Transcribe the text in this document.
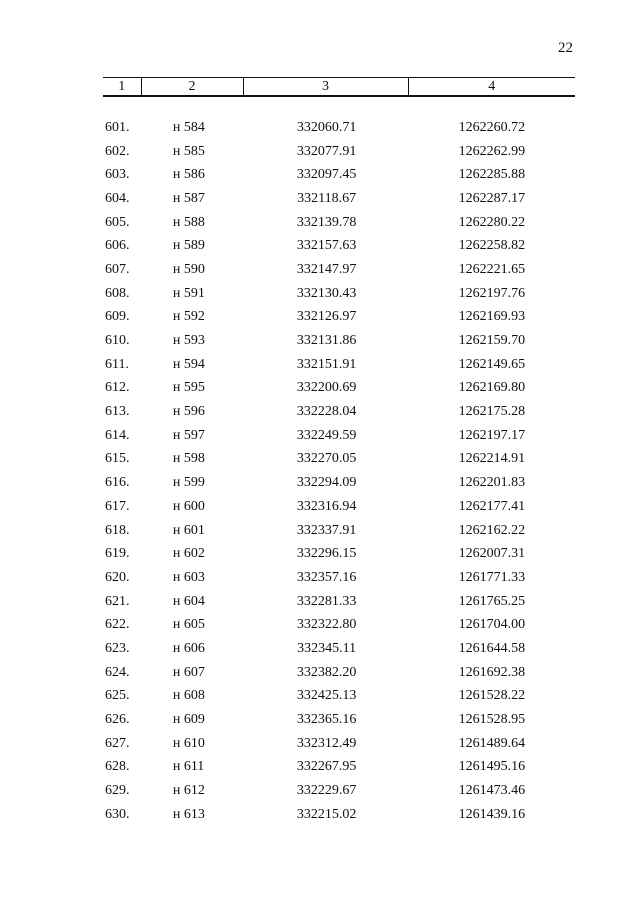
22
1	2	3	4
601.	н 584	332060.71	1262260.72
602.	н 585	332077.91	1262262.99
603.	н 586	332097.45	1262285.88
604.	н 587	332118.67	1262287.17
605.	н 588	332139.78	1262280.22
606.	н 589	332157.63	1262258.82
607.	н 590	332147.97	1262221.65
608.	н 591	332130.43	1262197.76
609.	н 592	332126.97	1262169.93
610.	н 593	332131.86	1262159.70
611.	н 594	332151.91	1262149.65
612.	н 595	332200.69	1262169.80
613.	н 596	332228.04	1262175.28
614.	н 597	332249.59	1262197.17
615.	н 598	332270.05	1262214.91
616.	н 599	332294.09	1262201.83
617.	н 600	332316.94	1262177.41
618.	н 601	332337.91	1262162.22
619.	н 602	332296.15	1262007.31
620.	н 603	332357.16	1261771.33
621.	н 604	332281.33	1261765.25
622.	н 605	332322.80	1261704.00
623.	н 606	332345.11	1261644.58
624.	н 607	332382.20	1261692.38
625.	н 608	332425.13	1261528.22
626.	н 609	332365.16	1261528.95
627.	н 610	332312.49	1261489.64
628.	н 611	332267.95	1261495.16
629.	н 612	332229.67	1261473.46
630.	н 613	332215.02	1261439.16
